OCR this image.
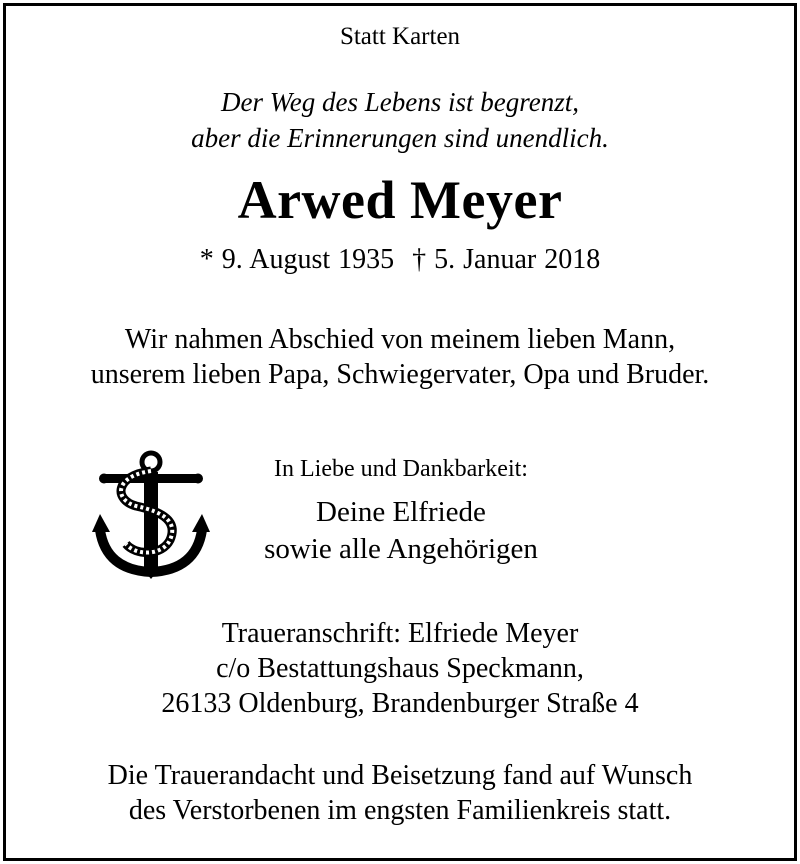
Statt Karten
Der Weg des Lebens ist begrenzt,
aber die Erinnerungen sind unendlich.
Arwed Meyer
* 9. August 1935 † 5. Januar 2018
Wir nahmen Abschied von meinem lieben Mann,
unserem lieben Papa, Schwiegervater, Opa und Bruder.
In Liebe und Dankbarkeit:
Deine Elfriede
sowie alle Angehörigen
Traueranschrift: Elfriede Meyer
c/o Bestattungshaus Speckmann,
26133 Oldenburg, Brandenburger Straße 4
Die Trauerandacht und Beisetzung fand auf Wunsch
des Verstorbenen im engsten Familienkreis statt.
